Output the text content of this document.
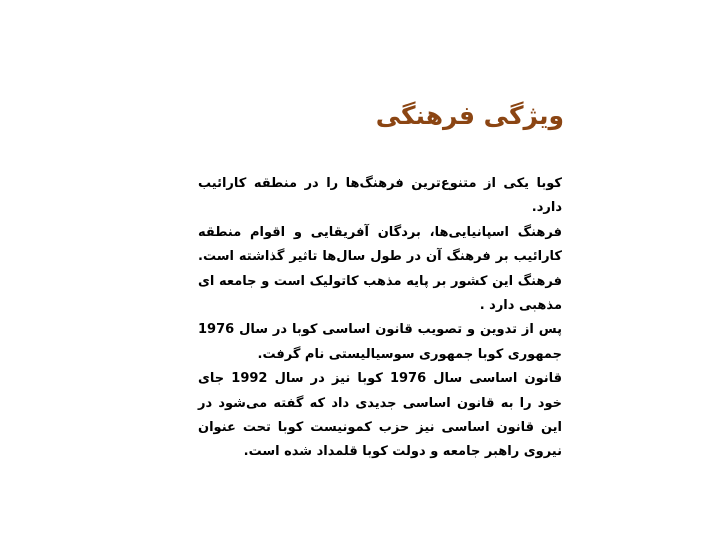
ویژگی فرهنگی

کوبا یکی از متنوع‌ترین فرهنگ‌ها را در منطقه کارائیب دارد.

فرهنگ اسپانیایی‌ها، بردگان آفریقایی و اقوام منطقه کارائیب بر فرهنگ آن در طول سال‌ها تاثیر گذاشته است. فرهنگ این کشور بر پایه مذهب کاتولیک است و جامعه ای مذهبی دارد .

پس از تدوین و تصویب قانون اساسی کوبا در سال 1976 جمهوری کوبا جمهوری سوسیالیستی نام گرفت.

قانون اساسی سال 1976 کوبا نیز در سال 1992 جای خود را به قانون اساسی جدیدی داد که گفته می‌شود در این قانون اساسی نیز حزب کمونیست کوبا تحت عنوان نیروی راهبر جامعه و دولت کوبا قلمداد شده است.
